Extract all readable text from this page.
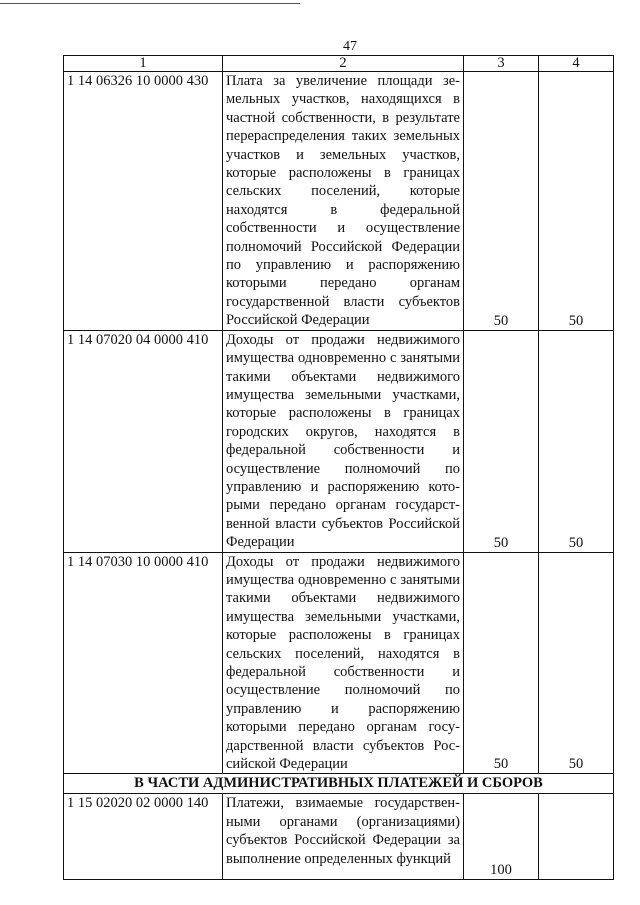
47
1	2	3	4
1 14 06326 10 0000 430	Плата за увеличение площади земельных участков, находящихся в частной собственности, в результате перераспределения таких земельных участков и земельных участков, которые расположены в границах сельских поселений, которые находятся в федеральной собственности и осуществление полномочий Российской Федерации по управлению и распоряжению которыми передано органам государственной власти субъектов Российской Федерации	50	50
1 14 07020 04 0000 410	Доходы от продажи недвижимого имущества одновременно с занятыми такими объектами недвижимого имущества земельными участками, которые расположены в границах городских округов, находятся в федеральной собственности и осуществление полномочий по управлению и распоряжению которыми передано органам государственной власти субъектов Российской Федерации	50	50
1 14 07030 10 0000 410	Доходы от продажи недвижимого имущества одновременно с занятыми такими объектами недвижимого имущества земельными участками, которые расположены в границах сельских поселений, находятся в федеральной собственности и осуществление полномочий по управлению и распоряжению которыми передано органам государственной власти субъектов Российской Федерации	50	50
В ЧАСТИ АДМИНИСТРАТИВНЫХ ПЛАТЕЖЕЙ И СБОРОВ			
1 15 02020 02 0000 140	Платежи, взимаемые государственными органами (организациями) субъектов Российской Федерации за выполнение определенных функций	100	
